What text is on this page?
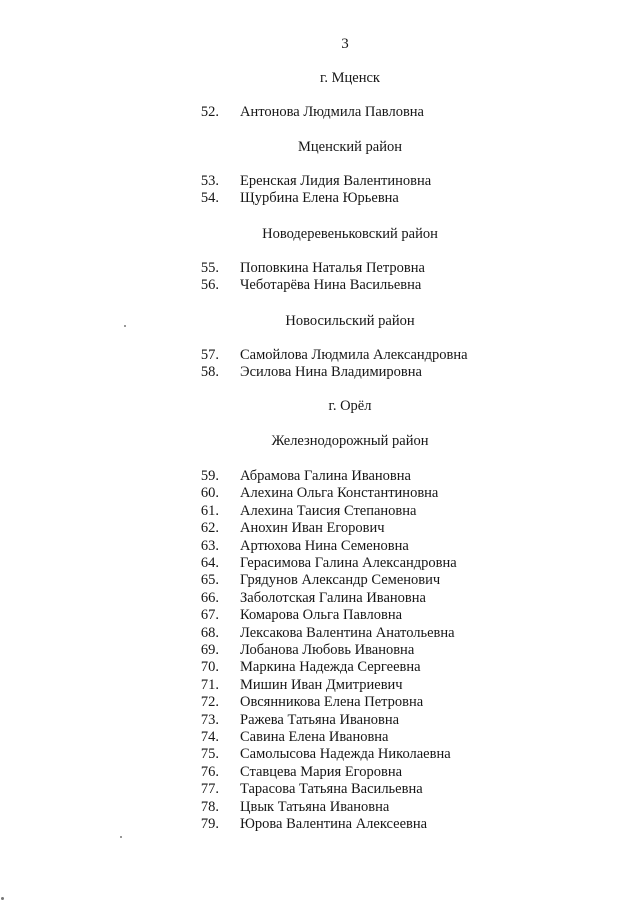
3
г. Мценск
52. Антонова Людмила Павловна
Мценский район
53. Еренская Лидия Валентиновна
54. Щурбина Елена Юрьевна
Новодеревеньковский район
55. Поповкина Наталья Петровна
56. Чеботарёва Нина Васильевна
Новосильский район
57. Самойлова Людмила Александровна
58. Эсилова Нина Владимировна
г. Орёл
Железнодорожный район
59. Абрамова Галина Ивановна
60. Алехина Ольга Константиновна
61. Алехина Таисия Степановна
62. Анохин Иван Егорович
63. Артюхова Нина Семеновна
64. Герасимова Галина Александровна
65. Грядунов Александр Семенович
66. Заболотская Галина Ивановна
67. Комарова Ольга Павловна
68. Лексакова Валентина Анатольевна
69. Лобанова Любовь Ивановна
70. Маркина Надежда Сергеевна
71. Мишин Иван Дмитриевич
72. Овсянникова Елена Петровна
73. Ражева Татьяна Ивановна
74. Савина Елена Ивановна
75. Самолысова Надежда Николаевна
76. Ставцева Мария Егоровна
77. Тарасова Татьяна Васильевна
78. Цвык Татьяна Ивановна
79. Юрова Валентина Алексеевна
